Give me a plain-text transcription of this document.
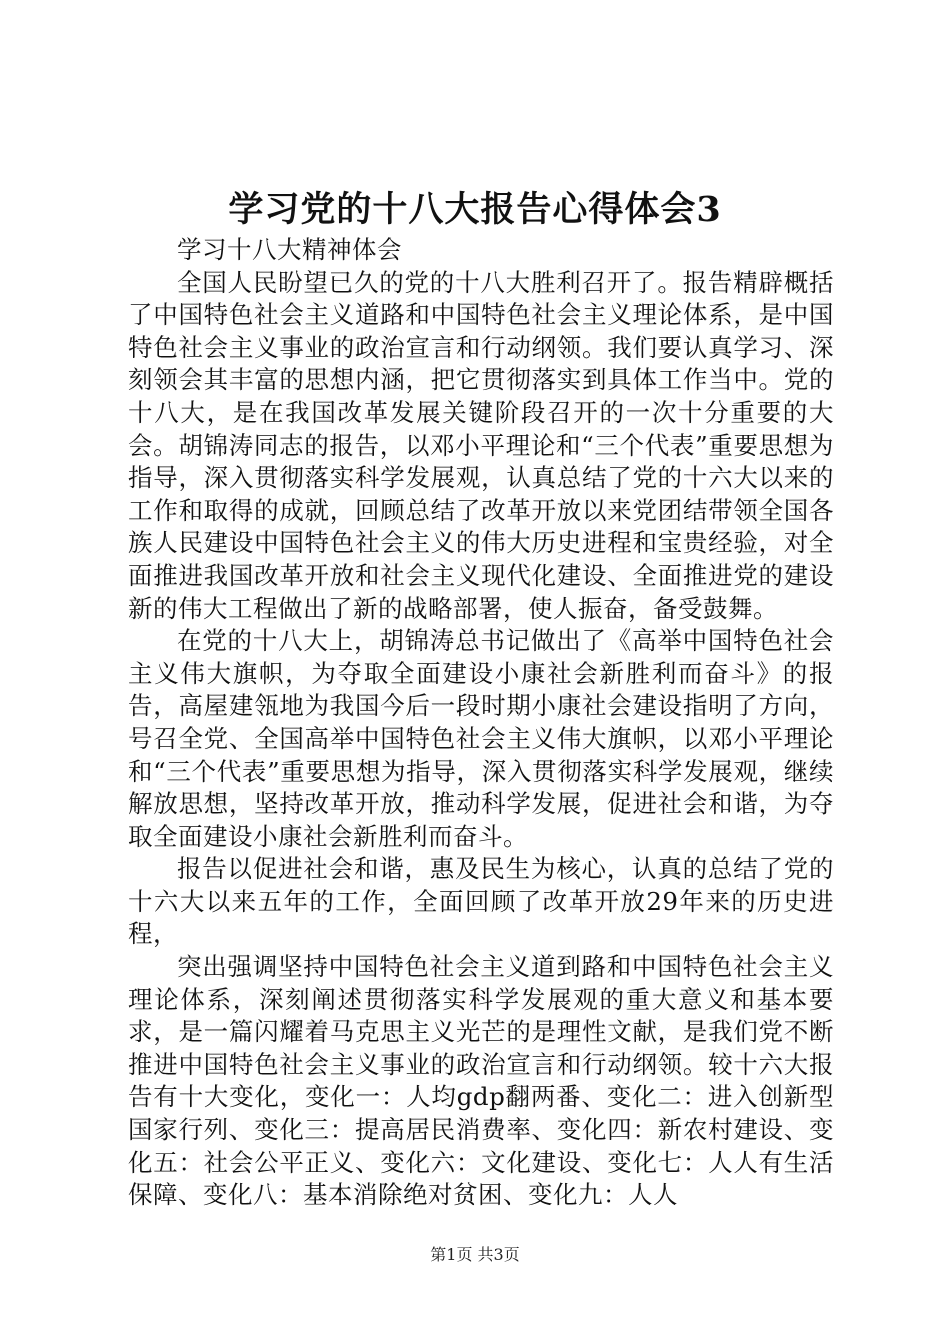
学习党的十八大报告心得体会3

学习十八大精神体会

全国人民盼望已久的党的十八大胜利召开了。报告精辟概括了中国特色社会主义道路和中国特色社会主义理论体系，是中国特色社会主义事业的政治宣言和行动纲领。我们要认真学习、深刻领会其丰富的思想内涵，把它贯彻落实到具体工作当中。党的十八大，是在我国改革发展关键阶段召开的一次十分重要的大会。胡锦涛同志的报告，以邓小平理论和“三个代表”重要思想为指导，深入贯彻落实科学发展观，认真总结了党的十六大以来的工作和取得的成就，回顾总结了改革开放以来党团结带领全国各族人民建设中国特色社会主义的伟大历史进程和宝贵经验，对全面推进我国改革开放和社会主义现代化建设、全面推进党的建设新的伟大工程做出了新的战略部署，使人振奋，备受鼓舞。

在党的十八大上，胡锦涛总书记做出了《高举中国特色社会主义伟大旗帜，为夺取全面建设小康社会新胜利而奋斗》的报告，高屋建瓴地为我国今后一段时期小康社会建设指明了方向，号召全党、全国高举中国特色社会主义伟大旗帜，以邓小平理论和“三个代表”重要思想为指导，深入贯彻落实科学发展观，继续解放思想，坚持改革开放，推动科学发展，促进社会和谐，为夺取全面建设小康社会新胜利而奋斗。

报告以促进社会和谐，惠及民生为核心，认真的总结了党的十六大以来五年的工作，全面回顾了改革开放29年来的历史进程，

突出强调坚持中国特色社会主义道到路和中国特色社会主义理论体系，深刻阐述贯彻落实科学发展观的重大意义和基本要求，是一篇闪耀着马克思主义光芒的是理性文献，是我们党不断推进中国特色社会主义事业的政治宣言和行动纲领。较十六大报告有十大变化，变化一：人均gdp翻两番、变化二：进入创新型国家行列、变化三：提高居民消费率、变化四：新农村建设、变化五：社会公平正义、变化六：文化建设、变化七：人人有生活保障、变化八：基本消除绝对贫困、变化九：人人

第1页 共3页
